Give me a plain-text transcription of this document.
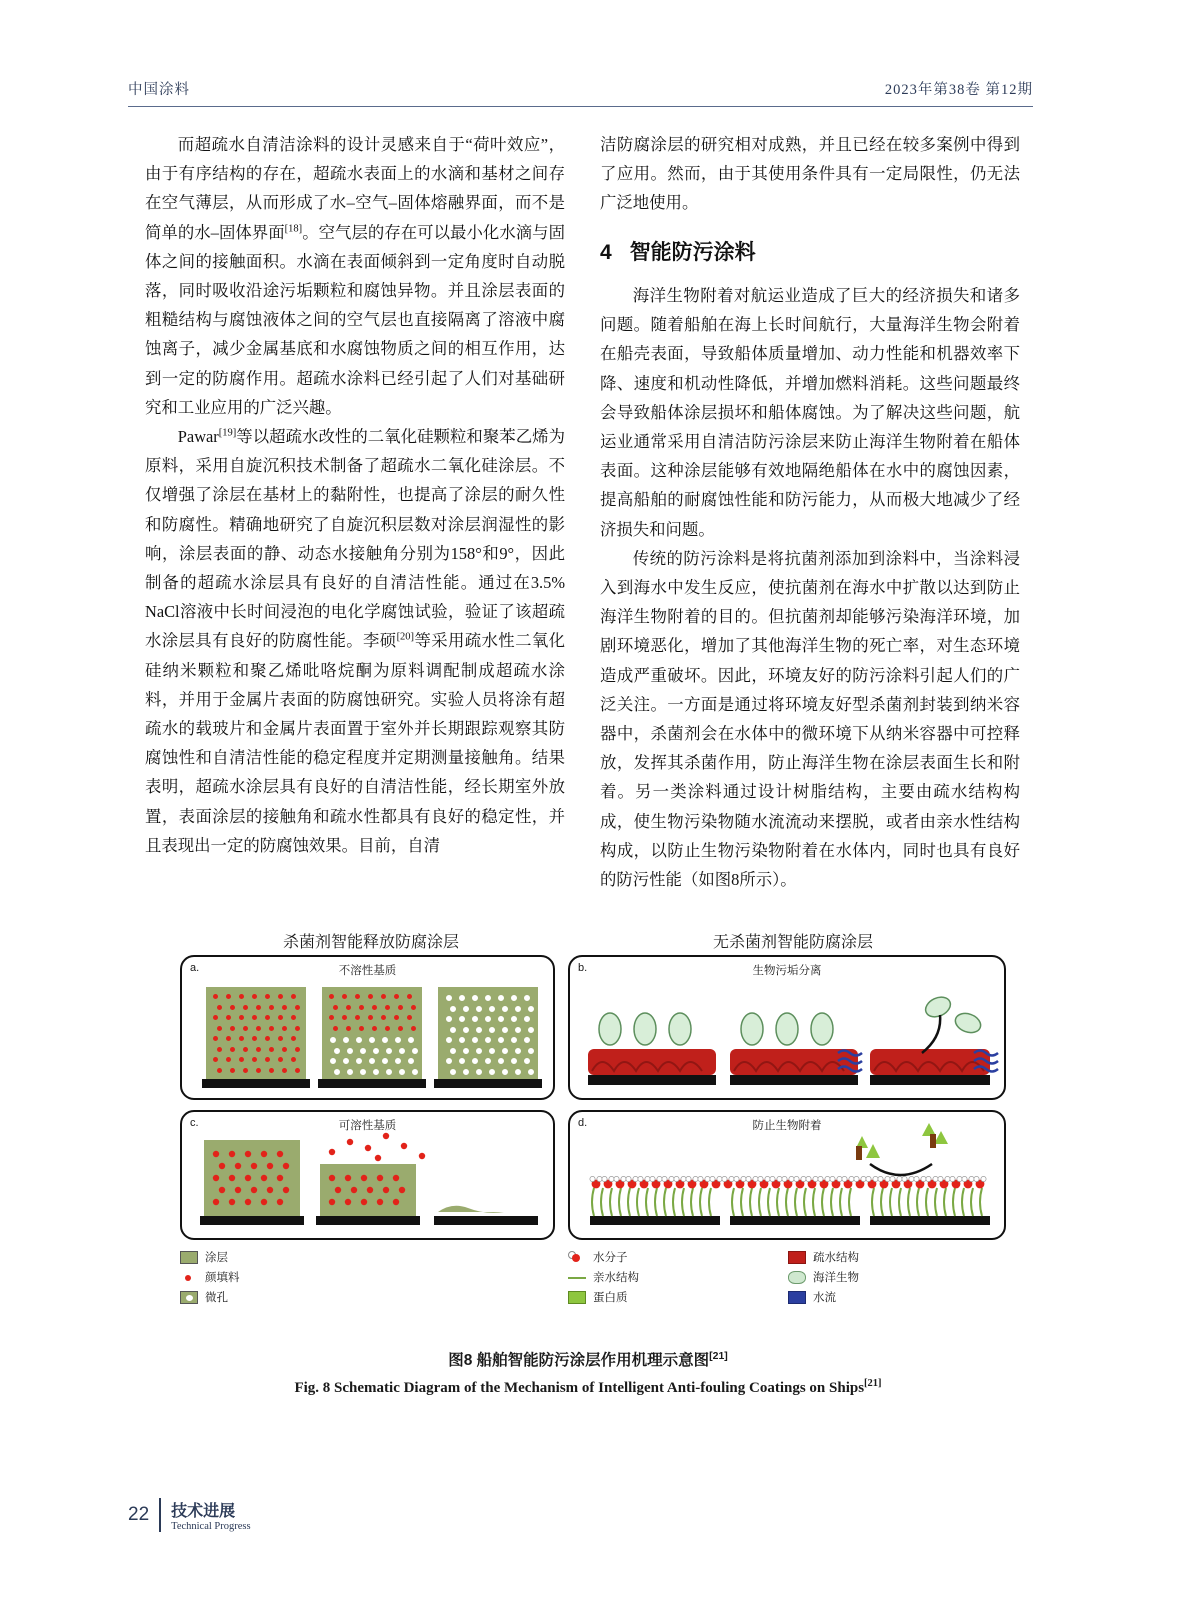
中国涂料	2023年第38卷 第12期

而超疏水自清洁涂料的设计灵感来自于“荷叶效应”，由于有序结构的存在，超疏水表面上的水滴和基材之间存在空气薄层，从而形成了水–空气–固体熔融界面，而不是简单的水–固体界面[18]。空气层的存在可以最小化水滴与固体之间的接触面积。水滴在表面倾斜到一定角度时自动脱落，同时吸收沿途污垢颗粒和腐蚀异物。并且涂层表面的粗糙结构与腐蚀液体之间的空气层也直接隔离了溶液中腐蚀离子，减少金属基底和水腐蚀物质之间的相互作用，达到一定的防腐作用。超疏水涂料已经引起了人们对基础研究和工业应用的广泛兴趣。

Pawar[19]等以超疏水改性的二氧化硅颗粒和聚苯乙烯为原料，采用自旋沉积技术制备了超疏水二氧化硅涂层。不仅增强了涂层在基材上的黏附性，也提高了涂层的耐久性和防腐性。精确地研究了自旋沉积层数对涂层润湿性的影响，涂层表面的静、动态水接触角分别为158°和9°，因此制备的超疏水涂层具有良好的自清洁性能。通过在3.5% NaCl溶液中长时间浸泡的电化学腐蚀试验，验证了该超疏水涂层具有良好的防腐性能。李硕[20]等采用疏水性二氧化硅纳米颗粒和聚乙烯吡咯烷酮为原料调配制成超疏水涂料，并用于金属片表面的防腐蚀研究。实验人员将涂有超疏水的载玻片和金属片表面置于室外并长期跟踪观察其防腐蚀性和自清洁性能的稳定程度并定期测量接触角。结果表明，超疏水涂层具有良好的自清洁性能，经长期室外放置，表面涂层的接触角和疏水性都具有良好的稳定性，并且表现出一定的防腐蚀效果。目前，自清

洁防腐涂层的研究相对成熟，并且已经在较多案例中得到了应用。然而，由于其使用条件具有一定局限性，仍无法广泛地使用。

4 智能防污涂料

海洋生物附着对航运业造成了巨大的经济损失和诸多问题。随着船舶在海上长时间航行，大量海洋生物会附着在船壳表面，导致船体质量增加、动力性能和机器效率下降、速度和机动性降低，并增加燃料消耗。这些问题最终会导致船体涂层损坏和船体腐蚀。为了解决这些问题，航运业通常采用自清洁防污涂层来防止海洋生物附着在船体表面。这种涂层能够有效地隔绝船体在水中的腐蚀因素，提高船舶的耐腐蚀性能和防污能力，从而极大地减少了经济损失和问题。

传统的防污涂料是将抗菌剂添加到涂料中，当涂料浸入到海水中发生反应，使抗菌剂在海水中扩散以达到防止海洋生物附着的目的。但抗菌剂却能够污染海洋环境，加剧环境恶化，增加了其他海洋生物的死亡率，对生态环境造成严重破坏。因此，环境友好的防污涂料引起人们的广泛关注。一方面是通过将环境友好型杀菌剂封装到纳米容器中，杀菌剂会在水体中的微环境下从纳米容器中可控释放，发挥其杀菌作用，防止海洋生物在涂层表面生长和附着。另一类涂料通过设计树脂结构，主要由疏水结构构成，使生物污染物随水流流动来摆脱，或者由亲水性结构构成，以防止生物污染物附着在水体内，同时也具有良好的防污性能（如图8所示）。

杀菌剂智能释放防腐涂层	无杀菌剂智能防腐涂层
a.	不溶性基质	b.	生物污垢分离
c.	可溶性基质	d.	防止生物附着
涂层
颜填料
微孔
水分子
亲水结构
蛋白质
疏水结构
海洋生物
水流
图8 船舶智能防污涂层作用机理示意图[21]
Fig. 8 Schematic Diagram of the Mechanism of Intelligent Anti-fouling Coatings on Ships[21]
22 技术进展
Technical Progress
